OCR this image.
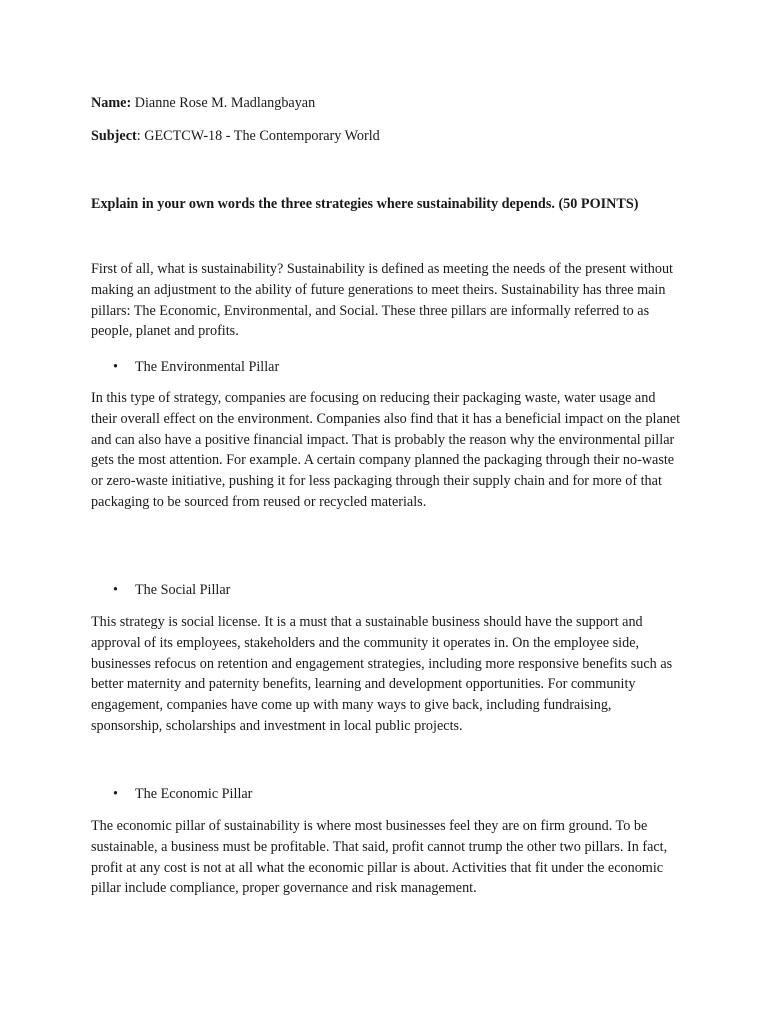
Name: Dianne Rose M. Madlangbayan

Subject: GECTCW-18 - The Contemporary World

Explain in your own words the three strategies where sustainability depends. (50 POINTS)

First of all, what is sustainability? Sustainability is defined as meeting the needs of the present without making an adjustment to the ability of future generations to meet theirs. Sustainability has three main pillars: The Economic, Environmental, and Social. These three pillars are informally referred to as people, planet and profits.

•	The Environmental Pillar

In this type of strategy, companies are focusing on reducing their packaging waste, water usage and their overall effect on the environment. Companies also find that it has a beneficial impact on the planet and can also have a positive financial impact. That is probably the reason why the environmental pillar gets the most attention. For example. A certain company planned the packaging through their no-waste or zero-waste initiative, pushing it for less packaging through their supply chain and for more of that packaging to be sourced from reused or recycled materials.

•	The Social Pillar

This strategy is social license. It is a must that a sustainable business should have the support and approval of its employees, stakeholders and the community it operates in. On the employee side, businesses refocus on retention and engagement strategies, including more responsive benefits such as better maternity and paternity benefits, learning and development opportunities. For community engagement, companies have come up with many ways to give back, including fundraising, sponsorship, scholarships and investment in local public projects.

•	The Economic Pillar

The economic pillar of sustainability is where most businesses feel they are on firm ground. To be sustainable, a business must be profitable. That said, profit cannot trump the other two pillars. In fact, profit at any cost is not at all what the economic pillar is about. Activities that fit under the economic pillar include compliance, proper governance and risk management.
